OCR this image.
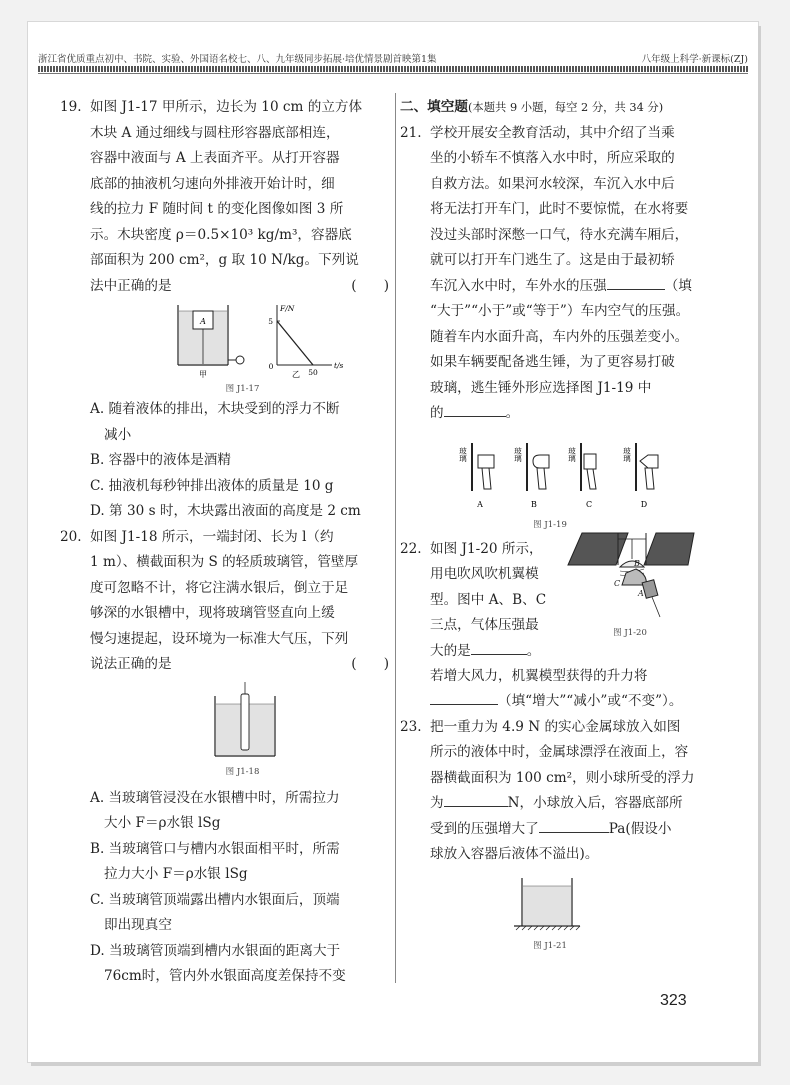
浙江省优质重点初中、书院、实验、外国语名校七、八、九年级同步拓展·培优情景剧首映第1集	八年级上科学·新课标(ZJ)
19. 如图 J1-17 甲所示，边长为 10 cm 的立方体
木块 A 通过细线与圆柱形容器底部相连，
容器中液面与 A 上表面齐平。从打开容器
底部的抽液机匀速向外排液开始计时，细
线的拉力 F 随时间 t 的变化图像如图 3 所
示。木块密度 ρ＝0.5×10³ kg/m³，容器底
部面积为 200 cm²，g 取 10 N/kg。下列说
法中正确的是	(　　)
A
甲
F/N
t/s
5
50
0
乙
图 J1-17
A. 随着液体的排出，木块受到的浮力不断
减小
B. 容器中的液体是酒精
C. 抽液机每秒钟排出液体的质量是 10 g
D. 第 30 s 时，木块露出液面的高度是 2 cm
20. 如图 J1-18 所示，一端封闭、长为 l（约
1 m）、横截面积为 S 的轻质玻璃管，管壁厚
度可忽略不计，将它注满水银后，倒立于足
够深的水银槽中，现将玻璃管竖直向上缓
慢匀速提起，设环境为一标准大气压，下列
说法正确的是	(　　)
图 J1-18
A. 当玻璃管浸没在水银槽中时，所需拉力
大小 F＝ρ水银 lSg
B. 当玻璃管口与槽内水银面相平时，所需
拉力大小 F＝ρ水银 lSg
C. 当玻璃管顶端露出槽内水银面后，顶端
即出现真空
D. 当玻璃管顶端到槽内水银面的距离大于
76cm时，管内外水银面高度差保持不变
二、填空题(本题共 9 小题，每空 2 分，共 34 分)
21. 学校开展安全教育活动，其中介绍了当乘
坐的小轿车不慎落入水中时，所应采取的
自救方法。如果河水较深，车沉入水中后
将无法打开车门，此时不要惊慌，在水将要
没过头部时深憋一口气，待水充满车厢后，
就可以打开车门逃生了。这是由于最初轿
车沉入水中时，车外水的压强	（填
“大于”“小于”或“等于”）车内空气的压强。
随着车内水面升高，车内外的压强差变小。
如果车辆要配备逃生锤，为了更容易打破
玻璃，逃生锤外形应选择图 J1-19 中
的	。
玻璃	玻璃	玻璃	玻璃
A	B	C	D
图 J1-19
22. 如图 J1-20 所示，
用电吹风吹机翼模
型。图中 A、B、C
三点，气体压强最
大的是	。
B
C
A
图 J1-20
若增大风力，机翼模型获得的升力将
（填“增大”“减小”或“不变”）。
23. 把一重力为 4.9 N 的实心金属球放入如图
所示的液体中时，金属球漂浮在液面上，容
器横截面积为 100 cm²，则小球所受的浮力
为	N，小球放入后，容器底部所
受到的压强增大了	Pa(假设小
球放入容器后液体不溢出)。
图 J1-21
323
